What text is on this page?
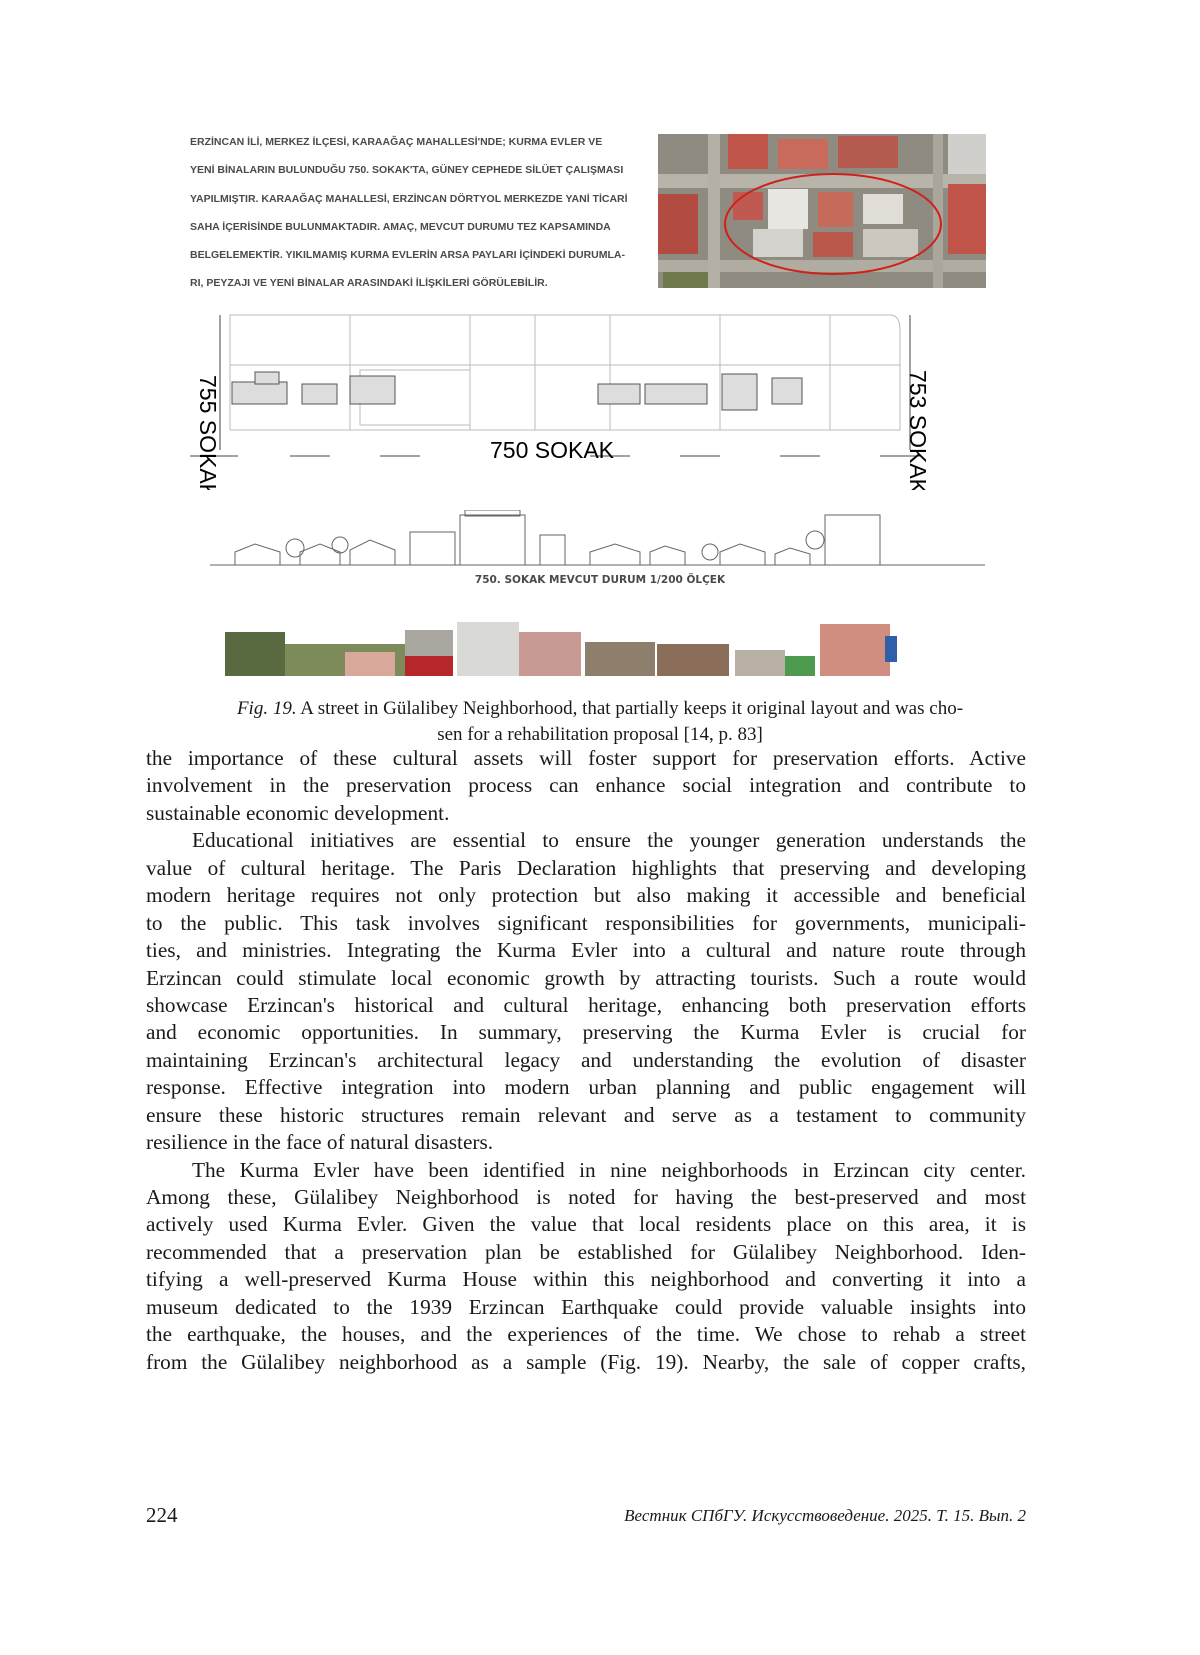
ERZİNCAN İLİ, MERKEZ İLÇESİ, KARAAĞAÇ MAHALLESİ'NDE; KURMA EVLER VE
YENİ BİNALARIN BULUNDUĞU 750. SOKAK'TA, GÜNEY CEPHEDE SİLÜET ÇALIŞMASI
YAPILMIŞTIR. KARAAĞAÇ MAHALLESİ, ERZİNCAN DÖRTYOL MERKEZDE YANİ TİCARİ
SAHA İÇERİSİNDE BULUNMAKTADIR. AMAÇ, MEVCUT DURUMU TEZ KAPSAMINDA
BELGELEMEKTİR. YIKILMAMIŞ KURMA EVLERİN ARSA PAYLARI İÇİNDEKİ DURUMLA-
RI, PEYZAJI VE YENİ BİNALAR ARASINDAKİ İLİŞKİLERİ GÖRÜLEBİLİR.
755 SOKAK	753 SOKAK
750 SOKAK
750. SOKAK MEVCUT DURUM 1/200 ÖLÇEK
Fig. 19. A street in Gülalibey Neighborhood, that partially keeps it original layout and was cho-
sen for a rehabilitation proposal [14, p. 83]
the importance of these cultural assets will foster support for preservation efforts. Active
involvement in the preservation process can enhance social integration and contribute to
sustainable economic development.
Educational initiatives are essential to ensure the younger generation understands the
value of cultural heritage. The Paris Declaration highlights that preserving and developing
modern heritage requires not only protection but also making it accessible and beneficial
to the public. This task involves significant responsibilities for governments, municipali-
ties, and ministries. Integrating the Kurma Evler into a cultural and nature route through
Erzincan could stimulate local economic growth by attracting tourists. Such a route would
showcase Erzincan's historical and cultural heritage, enhancing both preservation efforts
and economic opportunities. In summary, preserving the Kurma Evler is crucial for
maintaining Erzincan's architectural legacy and understanding the evolution of disaster
response. Effective integration into modern urban planning and public engagement will
ensure these historic structures remain relevant and serve as a testament to community
resilience in the face of natural disasters.
The Kurma Evler have been identified in nine neighborhoods in Erzincan city center.
Among these, Gülalibey Neighborhood is noted for having the best-preserved and most
actively used Kurma Evler. Given the value that local residents place on this area, it is
recommended that a preservation plan be established for Gülalibey Neighborhood. Iden-
tifying a well-preserved Kurma House within this neighborhood and converting it into a
museum dedicated to the 1939 Erzincan Earthquake could provide valuable insights into
the earthquake, the houses, and the experiences of the time. We chose to rehab a street
from the Gülalibey neighborhood as a sample (Fig. 19). Nearby, the sale of copper crafts,
224	Вестник СПбГУ. Искусствоведение. 2025. Т. 15. Вып. 2
